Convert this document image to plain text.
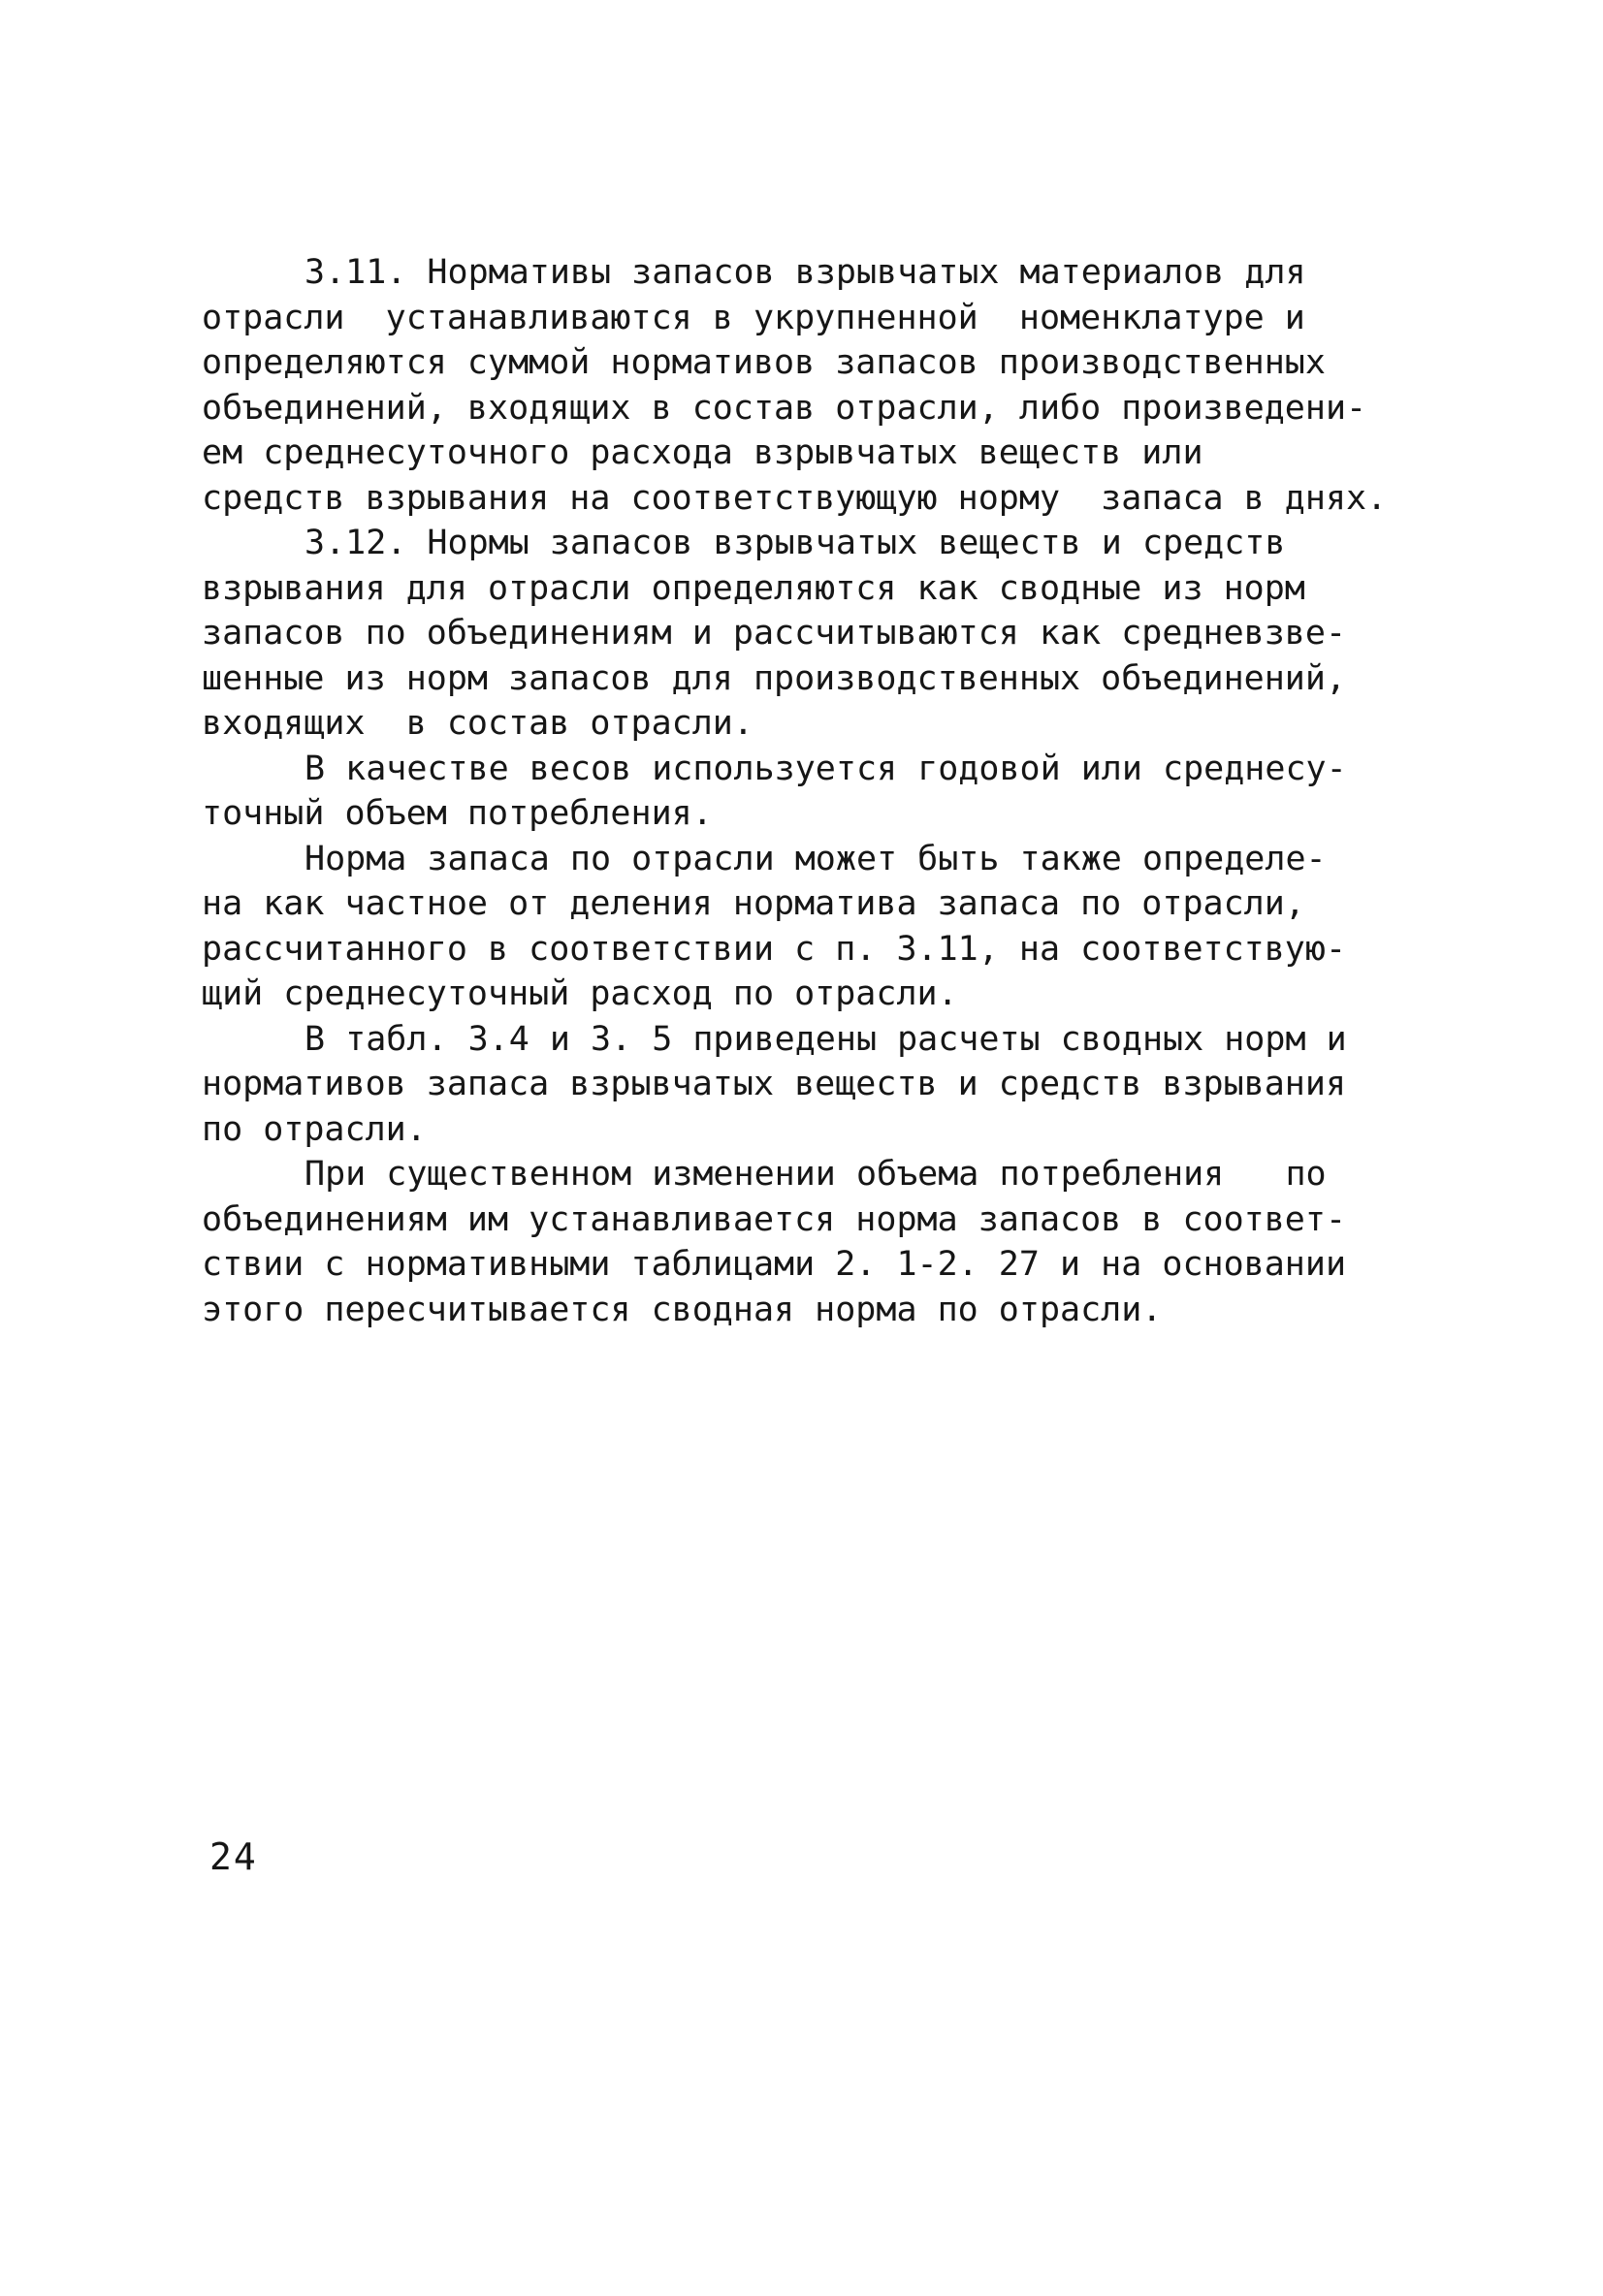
3.11. Нормативы запасов взрывчатых материалов для
отрасли  устанавливаются в укрупненной  номенклатуре и
определяются суммой нормативов запасов производственных
объединений, входящих в состав отрасли, либо произведени-
ем среднесуточного расхода взрывчатых веществ или
средств взрывания на соответствующую норму  запаса в днях.
3.12. Нормы запасов взрывчатых веществ и средств
взрывания для отрасли определяются как сводные из норм
запасов по объединениям и рассчитываются как средневзве-
шенные из норм запасов для производственных объединений,
входящих  в состав отрасли.
В качестве весов используется годовой или среднесу-
точный объем потребления.
Норма запаса по отрасли может быть также определе-
на как частное от деления норматива запаса по отрасли,
рассчитанного в соответствии с п. 3.11, на соответствую-
щий среднесуточный расход по отрасли.
В табл. 3.4 и 3. 5 приведены расчеты сводных норм и
нормативов запаса взрывчатых веществ и средств взрывания
по отрасли.
При существенном изменении объема потребления   по
объединениям им устанавливается норма запасов в соответ-
ствии с нормативными таблицами 2. 1-2. 27 и на основании
этого пересчитывается сводная норма по отрасли.
24
